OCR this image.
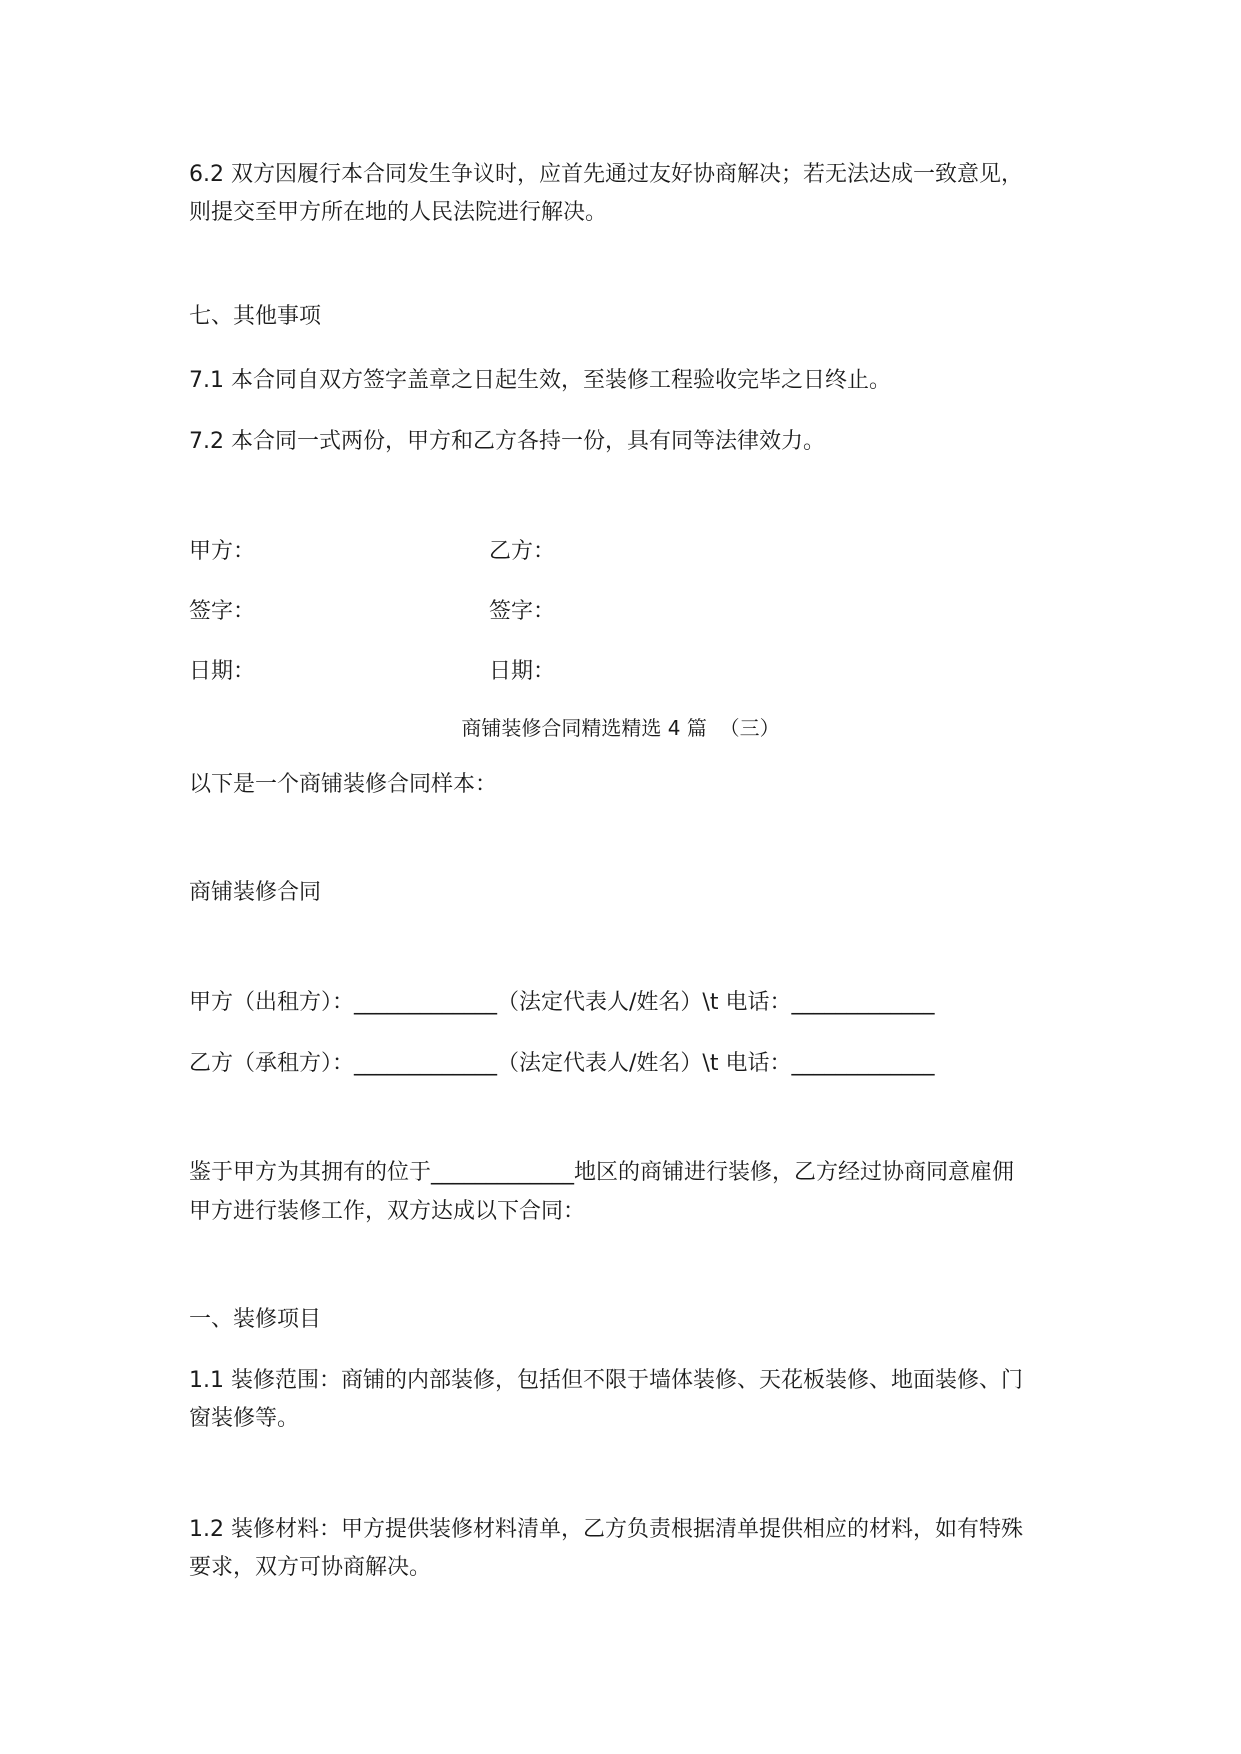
6.2 双方因履行本合同发生争议时，应首先通过友好协商解决；若无法达成一致意见，

则提交至甲方所在地的人民法院进行解决。

七、其他事项

7.1 本合同自双方签字盖章之日起生效，至装修工程验收完毕之日终止。

7.2 本合同一式两份，甲方和乙方各持一份，具有同等法律效力。

甲方：	乙方：

签字：	签字：

日期：	日期：

商铺装修合同精选精选 4 篇  （三）

以下是一个商铺装修合同样本：

商铺装修合同

甲方（出租方）：_____________（法定代表人/姓名）\t 电话：_____________

乙方（承租方）：_____________（法定代表人/姓名）\t 电话：_____________

鉴于甲方为其拥有的位于_____________地区的商铺进行装修，乙方经过协商同意雇佣

甲方进行装修工作，双方达成以下合同：

一、装修项目

1.1 装修范围：商铺的内部装修，包括但不限于墙体装修、天花板装修、地面装修、门

窗装修等。

1.2 装修材料：甲方提供装修材料清单，乙方负责根据清单提供相应的材料，如有特殊

要求，双方可协商解决。
